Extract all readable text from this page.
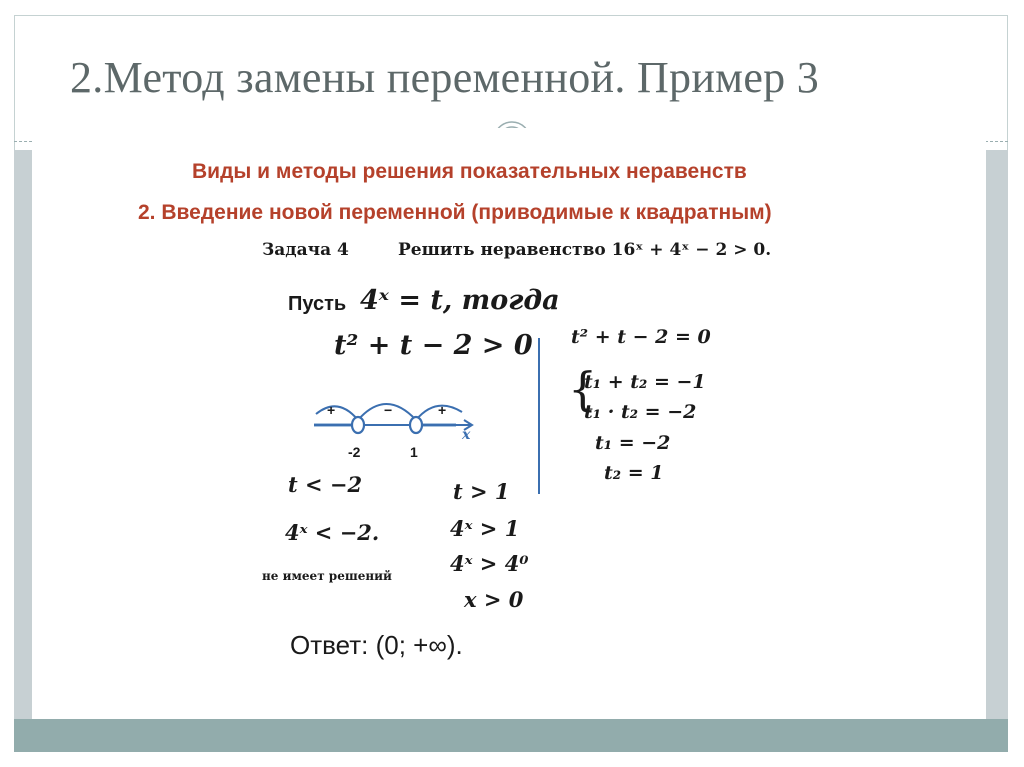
2.Метод замены переменной. Пример 3
Виды и методы решения показательных неравенств
2. Введение новой переменной (приводимые к квадратным)
Задача 4	Решить неравенство 16ˣ + 4ˣ − 2 > 0.
Пусть 4ˣ = t, тогда
t² + t − 2 > 0
+	−	+
-2	1
x
t < −2
4ˣ < −2.
не имеет решений
t > 1
4ˣ > 1
4ˣ > 4⁰
x > 0
t² + t − 2 = 0
{
t₁ + t₂ = −1
t₁ · t₂ = −2
t₁ = −2
t₂ = 1
Ответ: (0; +∞).
